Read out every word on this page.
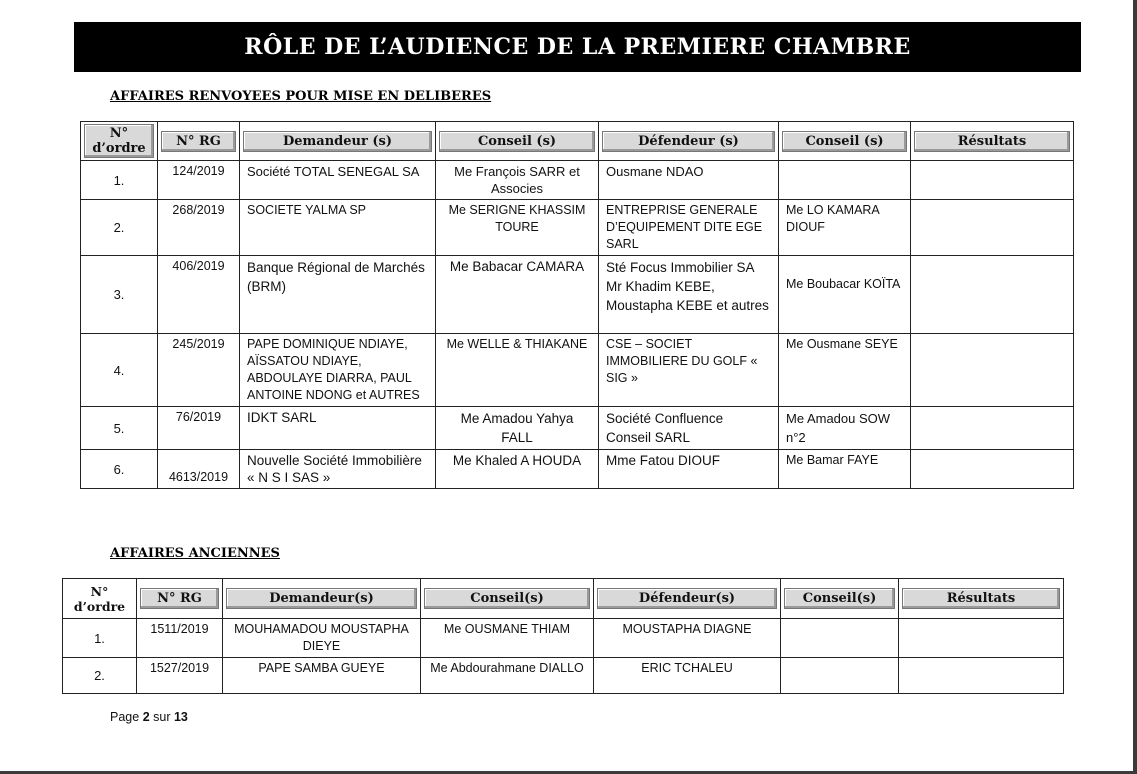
RÔLE DE L’AUDIENCE DE LA PREMIERE CHAMBRE
AFFAIRES RENVOYEES POUR MISE EN DELIBERES
N° d’ordre	N° RG	Demandeur (s)	Conseil (s)	Défendeur (s)	Conseil (s)	Résultats

1.	124/2019	Société TOTAL SENEGAL SA	Me François SARR et Associes	Ousmane NDAO		
2.	268/2019	SOCIETE YALMA SP	Me SERIGNE KHASSIM TOURE	ENTREPRISE GENERALE D’EQUIPEMENT DITE EGE SARL	Me LO KAMARA DIOUF	
3.	406/2019	Banque Régional de Marchés (BRM)	Me Babacar CAMARA	Sté Focus Immobilier SA Mr Khadim KEBE, Moustapha KEBE et autres	Me Boubacar KOÏTA	
4.	245/2019	PAPE DOMINIQUE NDIAYE, AÏSSATOU NDIAYE, ABDOULAYE DIARRA, PAUL ANTOINE NDONG et AUTRES	Me WELLE & THIAKANE	CSE – SOCIET IMMOBILIERE DU GOLF « SIG »	Me Ousmane SEYE	
5.	76/2019	IDKT SARL	Me Amadou Yahya FALL	Société Confluence Conseil SARL	Me Amadou SOW n°2	
6.	4613/2019	Nouvelle Société Immobilière « N S I SAS »	Me Khaled A HOUDA	Mme Fatou DIOUF	Me Bamar FAYE	
AFFAIRES ANCIENNES
N° d’ordre	N° RG	Demandeur(s)	Conseil(s)	Défendeur(s)	Conseil(s)	Résultats

1.	1511/2019	MOUHAMADOU MOUSTAPHA DIEYE	Me OUSMANE THIAM	MOUSTAPHA DIAGNE		
2.	1527/2019	PAPE SAMBA GUEYE	Me Abdourahmane DIALLO	ERIC TCHALEU		
Page 2 sur 13
